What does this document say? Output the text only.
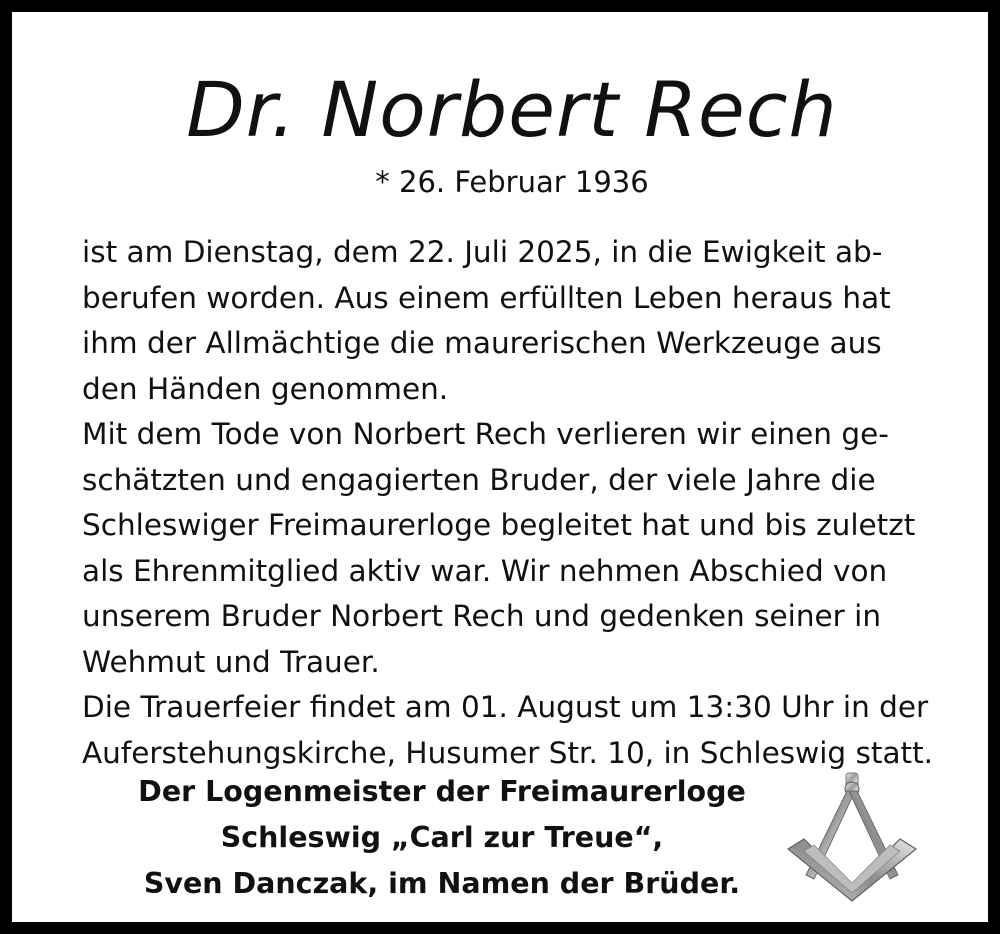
Dr. Norbert Rech
* 26. Februar 1936
ist am Dienstag, dem 22. Juli 2025, in die Ewigkeit ab-
berufen worden. Aus einem erfüllten Leben heraus hat
ihm der Allmächtige die maurerischen Werkzeuge aus
den Händen genommen.
Mit dem Tode von Norbert Rech verlieren wir einen ge-
schätzten und engagierten Bruder, der viele Jahre die
Schleswiger Freimaurerloge begleitet hat und bis zuletzt
als Ehrenmitglied aktiv war. Wir nehmen Abschied von
unserem Bruder Norbert Rech und gedenken seiner in
Wehmut und Trauer.
Die Trauerfeier findet am 01. August um 13:30 Uhr in der
Auferstehungskirche, Husumer Str. 10, in Schleswig statt.
Der Logenmeister der Freimaurerloge
Schleswig „Carl zur Treue“,
Sven Danczak, im Namen der Brüder.
